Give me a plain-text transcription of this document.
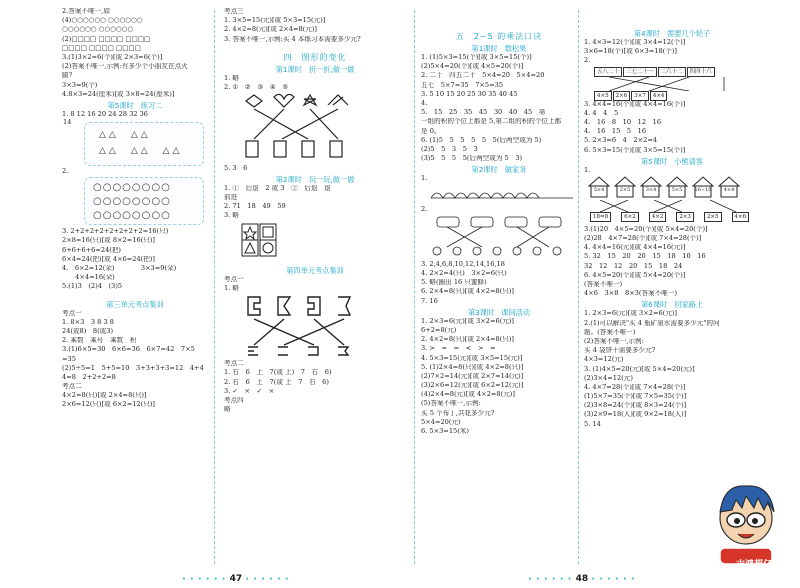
2.答案不唯一,如
(4)○○○○○○ ○○○○○○
○○○○○○ ○○○○○○
(2)□□□□ □□□□ □□□□
□□□□ □□□□ □□□□
3.(1)3×2=6(个)[或 2×3=6(个)]
(2)答案不唯一,示例:有多少个小朋友在点火
腿?
3×3=9(个)
4.8×3=24(厘米)[或 3×8=24(厘米)]
第5课时　练习二
1. 8 12 16 20 24 28 32 36
14
△△　△△
△△　△△　△△
2.
○○○○○○○○
○○○○○○○○
○○○○○○○○
3. 2+2+2+2+2+2+2+2=16(只)
2×8=16(只)[或 8×2=16(只)]
6+6+6+6=24(把)
6×4=24(把)[或 4×6=24(把)]
4.　6×2=12(朵)　　　　3×3=9(朵)
　　4×4=16(朵)
5.(1)3　(2)4　(3)5
第三单元考点集训
考点一
1. 8×3　3 8 3 8
24(或8)　8(或3)
2. 乘数　乘号　乘数　积
3.(1)6×5=30　6×6=36　6×7=42　7×5
=35
(2)5÷5=1　5+5=10　3+3+3+3=12　4+4
4=8　2+2+2=8
考点二
4×2=8(只)[或 2×4=8(只)]
2×6=12(只)[或 6×2=12(只)]
考点三
1. 3×5=15(元)[或 5×3=15(元)]
2. 4×2=8(元)[或 2×4=8(元)]
3. 答案不唯一,示例:买 4 本练习本需要多少元?
四　图形的变化
第1课时　折一折,做一做
1. 略
2. ①　②　③　④　⑤
5. 3　6
第2课时　玩一玩,做一做
1. ①　后退　2 或 3　②　后退　退
前进
2. 71　18　49　59
3. 略
第四单元考点集训
考点一
1. 略
考点二
1. 右　6　上　7(或 上)　7　右　6)
2. 右　6　上　7(或 上　7　右　6)
3. ✓　×　✓　×
考点四
略
五　2~5 的乘法口诀
第1课时　数松果
1. (1)5×3=15(个)[或 3×5=15(个)]
(2)5×4=20(个)[或 4×5=20(个)]
2. 二十　四五二十　5×4=20　5×4=20
五七　5×7=35　7×5=35
3. 5 10 15 20 25 30 35 40 45
4.
5.　15　25　35　45　30　40　45　第
一组的积的个位上都是 5,第二组的积的个位上都
是 0。
6. (1)5　5　5　5　5　5(后两空或为 5)
(2)5　5　3　5　3
(3)5　5　5　5(后两空或为 5　3)
第2课时　做家务
1.
2.
3. 2,4,6,8,10,12,14,16,18
4. 2×2=4(只)　3×2=6(只)
5. 略(圈出 16 只蜜蜂)
6. 2×4=8(只)[或 4×2=8(只)]
7. 16
第3课时　课间活动
1. 2×3=6(元)[或 3×2=6(元)]
6+2=8(元)
2. 4×2=8(只)[或 2×4=8(只)]
3. >　=　=　<　>　=
4. 5×3=15(元)[或 3×5=15(元)]
5. (1)2×4=8(只)[或 4×2=8(只)]
(2)7×2=14(元)[或 2×7=14(元)]
(3)2×6=12(元)[或 6×2=12(元)]
(4)2×4=8(元)[或 4×2=8(元)]
(5)答案不唯一,示例:
买 5 个布丁,共花多少元?
5×4=20(元)
6. 5×3=15(米)
第4课时　需要几个轮子
1. 4×3=12(个)[或 3×4=12(个)]
3×6=18(个)[或 6×3=18(个)]
2.
五八二十	三七二十一	二六十二	四四十六
4×5	2×6	3×7	4×4
3. 4×4=16(个)[或 4×4=16(个)]
4. 4　4　5
4.　16　8　10　12　16
4.　16　15　5　16
5. 2×3=6　4　2×2=4
6. 5×3=15(个)[或 3×5=15(个)]
第5课时　小熊请客
1.
5×4	2×5	3×4	5×5	16÷16	4×4
18=8	6×2	4×2	2×3	2×5	4×6
3.(1)20　4×5=20(个)[或 5×4=20(个)]
(2)28　4×7=28(个)[或 7×4=28(个)]
4. 4×4=16(元)[或 4×4=16(元)]
5. 32　15　20　20　15　18　10　16
32　12　12　20　15　18　24
6. 4×5=20(个)[或 5×4=20(个)]
(答案不唯一)
4×6　3×8　8×3(答案不唯一)
第6课时　回家路上
1. 2×3=6(元)[或 3×2=6(元)]
2.(1)可以解决"买 4 瓶矿泉水需要多少元"的问
题。(答案不唯一)
(2)答案不唯一,示例:
买 4 袋饼干需要多少元?
4×3=12(元)
3. (1)4×5=20(元)[或 5×4=20(元)]
(2)3×4=12(元)
4. 4×7=28(个)[或 7×4=28(个)]
(1)5×7=35(个)[或 7×5=35(个)]
(2)3×8=24(个)[或 8×3=24(个)]
(3)2×9=18(人)[或 9×2=18(人)]
5. 14
• • • • • • 47 • • • • • •	• • • • • • 48 • • • • • •
志鸿超亿
